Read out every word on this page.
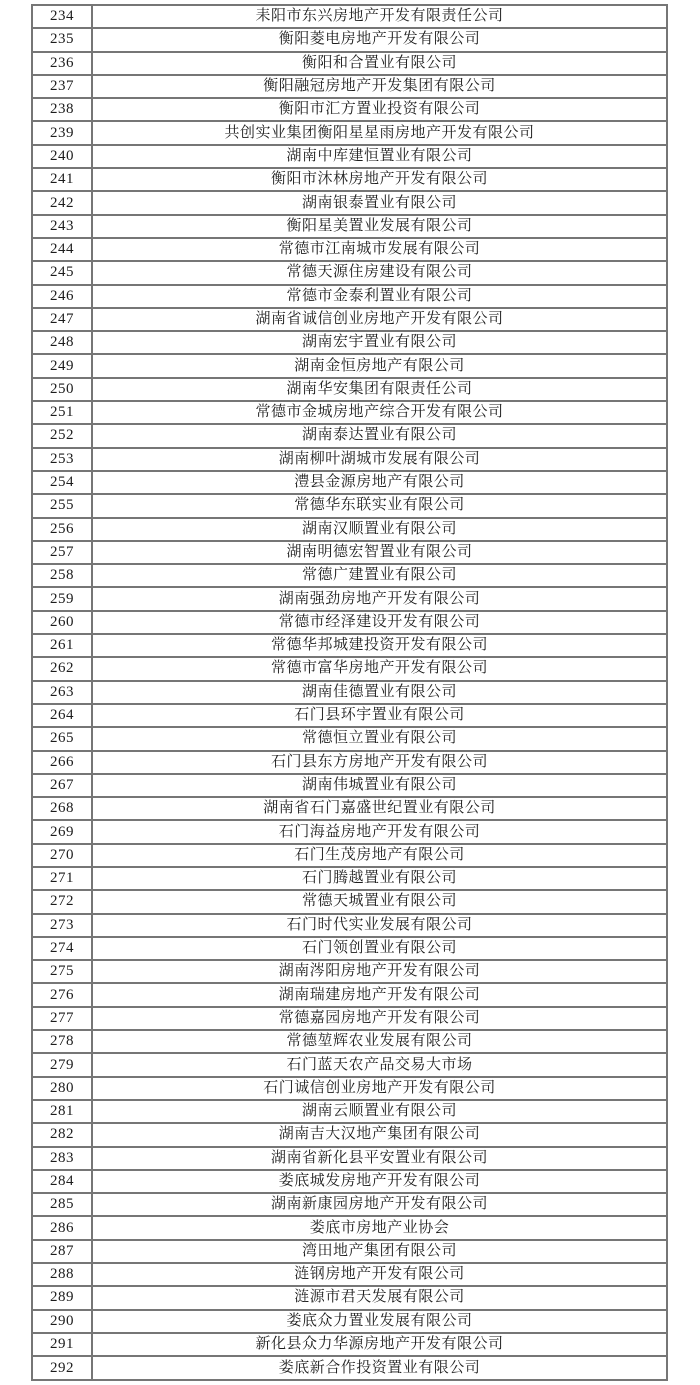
234	耒阳市东兴房地产开发有限责任公司
235	衡阳菱电房地产开发有限公司
236	衡阳和合置业有限公司
237	衡阳融冠房地产开发集团有限公司
238	衡阳市汇方置业投资有限公司
239	共创实业集团衡阳星星雨房地产开发有限公司
240	湖南中库建恒置业有限公司
241	衡阳市沐林房地产开发有限公司
242	湖南银泰置业有限公司
243	衡阳星美置业发展有限公司
244	常德市江南城市发展有限公司
245	常德天源住房建设有限公司
246	常德市金泰利置业有限公司
247	湖南省诚信创业房地产开发有限公司
248	湖南宏宇置业有限公司
249	湖南金恒房地产有限公司
250	湖南华安集团有限责任公司
251	常德市金城房地产综合开发有限公司
252	湖南泰达置业有限公司
253	湖南柳叶湖城市发展有限公司
254	澧县金源房地产有限公司
255	常德华东联实业有限公司
256	湖南汉顺置业有限公司
257	湖南明德宏智置业有限公司
258	常德广建置业有限公司
259	湖南强劲房地产开发有限公司
260	常德市经泽建设开发有限公司
261	常德华邦城建投资开发有限公司
262	常德市富华房地产开发有限公司
263	湖南佳德置业有限公司
264	石门县环宇置业有限公司
265	常德恒立置业有限公司
266	石门县东方房地产开发有限公司
267	湖南伟城置业有限公司
268	湖南省石门嘉盛世纪置业有限公司
269	石门海益房地产开发有限公司
270	石门生茂房地产有限公司
271	石门腾越置业有限公司
272	常德天城置业有限公司
273	石门时代实业发展有限公司
274	石门领创置业有限公司
275	湖南涔阳房地产开发有限公司
276	湖南瑞建房地产开发有限公司
277	常德嘉园房地产开发有限公司
278	常德堃辉农业发展有限公司
279	石门蓝天农产品交易大市场
280	石门诚信创业房地产开发有限公司
281	湖南云顺置业有限公司
282	湖南吉大汉地产集团有限公司
283	湖南省新化县平安置业有限公司
284	娄底城发房地产开发有限公司
285	湖南新康园房地产开发有限公司
286	娄底市房地产业协会
287	湾田地产集团有限公司
288	涟钢房地产开发有限公司
289	涟源市君天发展有限公司
290	娄底众力置业发展有限公司
291	新化县众力华源房地产开发有限公司
292	娄底新合作投资置业有限公司
